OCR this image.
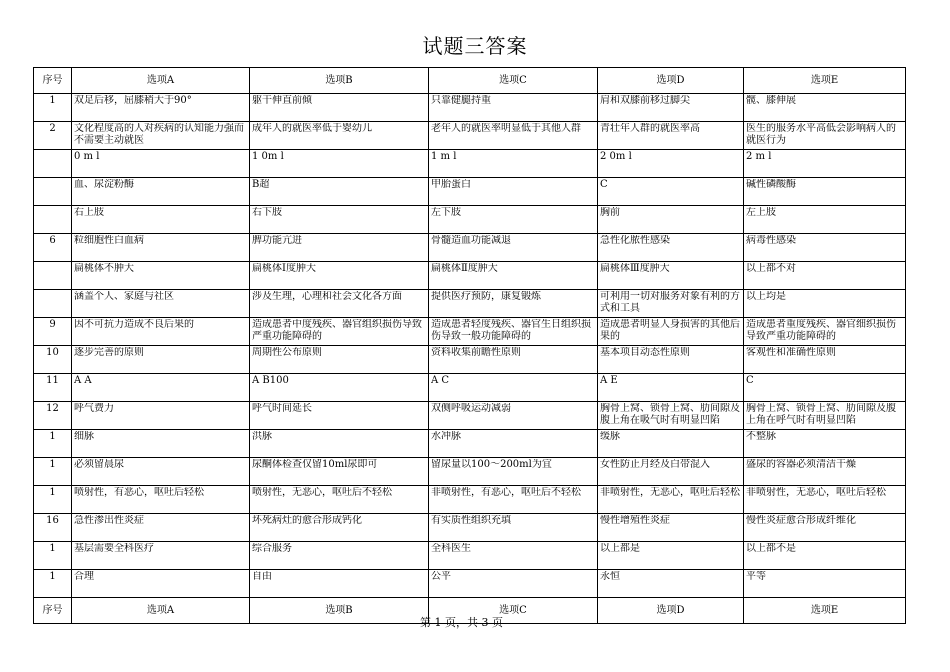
试题三答案
序号	选项A	选项B	选项C	选项D	选项E
1	双足后移，屈膝稍大于90°	躯干伸直前倾	只靠健腿持重	肩和双膝前移过脚尖	髋、膝伸展

2	文化程度高的人对疾病的认知能力强而不需要主动就医	成年人的就医率低于婴幼儿	老年人的就医率明显低于其他人群	青壮年人群的就医率高	医生的服务水平高低会影响病人的就医行为

	0 m l	1 0m l	1 m l	2 0m l	2 m l

	血、尿淀粉酶	B超	甲胎蛋白	C	碱性磷酸酶

	右上肢	右下肢	左下肢	胸前	左上肢

6	粒细胞性白血病	脾功能亢进	骨髓造血功能减退	急性化脓性感染	病毒性感染

	扁桃体不肿大	扁桃体I度肿大	扁桃体Ⅱ度肿大	扁桃体Ⅲ度肿大	以上都不对

	涵盖个人、家庭与社区	涉及生理，心理和社会文化各方面	提供医疗预防，康复锻炼	可利用一切对服务对象有利的方式和工具	以上均是

9	因不可抗力造成不良后果的	造成患者中度残疾、器官组织损伤导致严重功能障碍的	造成患者轻度残疾、器官生日组织损伤导致一般功能障碍的	造成患者明显人身损害的其他后果的	造成患者重度残疾、器官细织损伤导致严重功能障碍的

10	逐步完善的原则	周期性公布原则	资料收集前瞻性原则	基本项目动态性原则	客观性和准确性原则

11	A A	A B100	A C	A E	C

12	呼气费力	呼气时间延长	双侧呼吸运动减弱	胸骨上窝、锁骨上窝、肋间隙及腹上角在吸气时有明显凹陷	胸骨上窝、锁骨上窝、肋间隙及腹上角在呼气时有明显凹陷

1	细脉	洪脉	水冲脉	缓脉	不整脉

1	必须留晨尿	尿酮体检查仅留10ml尿即可	留尿量以100～200ml为宜	女性防止月经及白带混入	盛尿的容器必须清洁干燥

1	喷射性，有恶心，呕吐后轻松	喷射性，无恶心，呕吐后不轻松	非喷射性，有恶心，呕吐后不轻松	非喷射性，无恶心，呕吐后轻松	非喷射性，无恶心，呕吐后轻松

16	急性渗出性炎症	坏死病灶的愈合形成钙化	有实质性组织充填	慢性增殖性炎症	慢性炎症愈合形成纤维化

1	基层需要全科医疗	综合服务	全科医生	以上都是	以上都不是

1	合理	自由	公平	永恒	平等

序号	选项A	选项B	选项C	选项D	选项E
第 1 页，共 3 页
